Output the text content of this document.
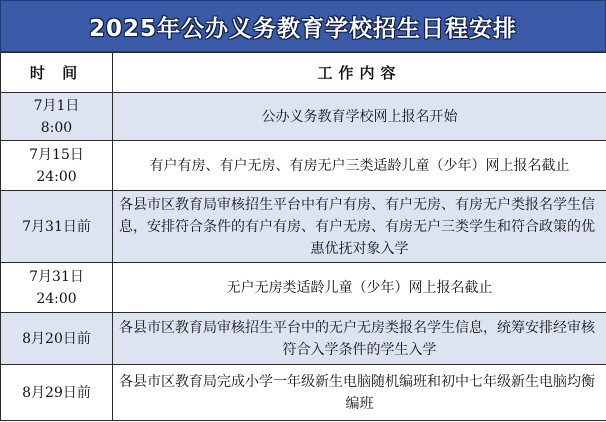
2025年公办义务教育学校招生日程安排
时 间	工作内容
7月1日
8:00	公办义务教育学校网上报名开始
7月15日
24:00	有户有房、有户无房、有房无户三类适龄儿童（少年）网上报名截止
7月31日前	各县市区教育局审核招生平台中有户有房、有户无房、有房无户类报名学生信息，安排符合条件的有户有房、有户无房、有房无户三类学生和符合政策的优惠优抚对象入学
7月31日
24:00	无户无房类适龄儿童（少年）网上报名截止
8月20日前	各县市区教育局审核招生平台中的无户无房类报名学生信息，统筹安排经审核符合入学条件的学生入学
8月29日前	各县市区教育局完成小学一年级新生电脑随机编班和初中七年级新生电脑均衡编班
